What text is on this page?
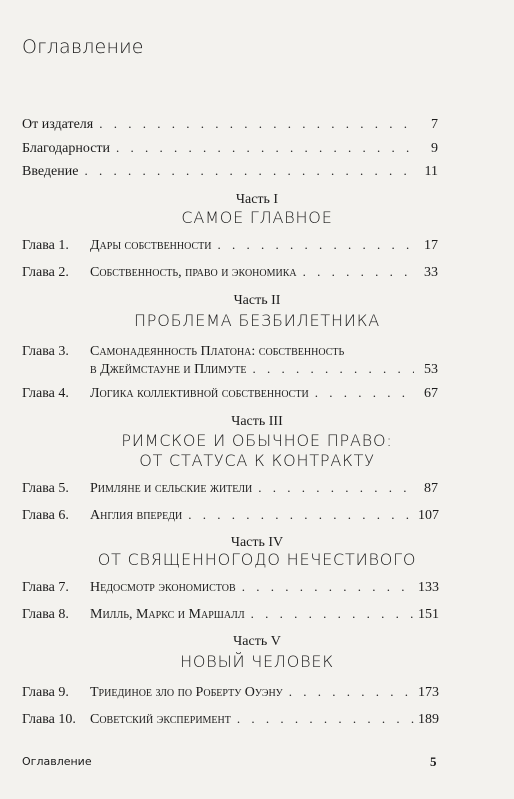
Оглавление
От издателя . . .	7
Благодарности . . .	9
Введение . . .	11
Часть I
САМОЕ ГЛАВНОЕ
Глава 1.	Дары собственности . . .	17
Глава 2.	Собственность, право и экономика . . .	33
Часть II
ПРОБЛЕМА БЕЗБИЛЕТНИКА
Глава 3.	Самонадеянность Платона: собственность
в Джеймстауне и Плимуте . . .	53
Глава 4.	Логика коллективной собственности . . .	67
Часть III
РИМСКОЕ И ОБЫЧНОЕ ПРАВО:
ОТ СТАТУСА К КОНТРАКТУ
Глава 5.	Римляне и сельские жители . . .	87
Глава 6.	Англия впереди . . .	107
Часть IV
ОТ СВЯЩЕННОГОДО НЕЧЕСТИВОГО
Глава 7.	Недосмотр экономистов . . .	133
Глава 8.	Милль, Маркс и Маршалл . . .	151
Часть V
НОВЫЙ ЧЕЛОВЕК
Глава 9.	Триединое зло по Роберту Оуэну . . .	173
Глава 10.	Советский эксперимент . . .	189
Оглавление	5
